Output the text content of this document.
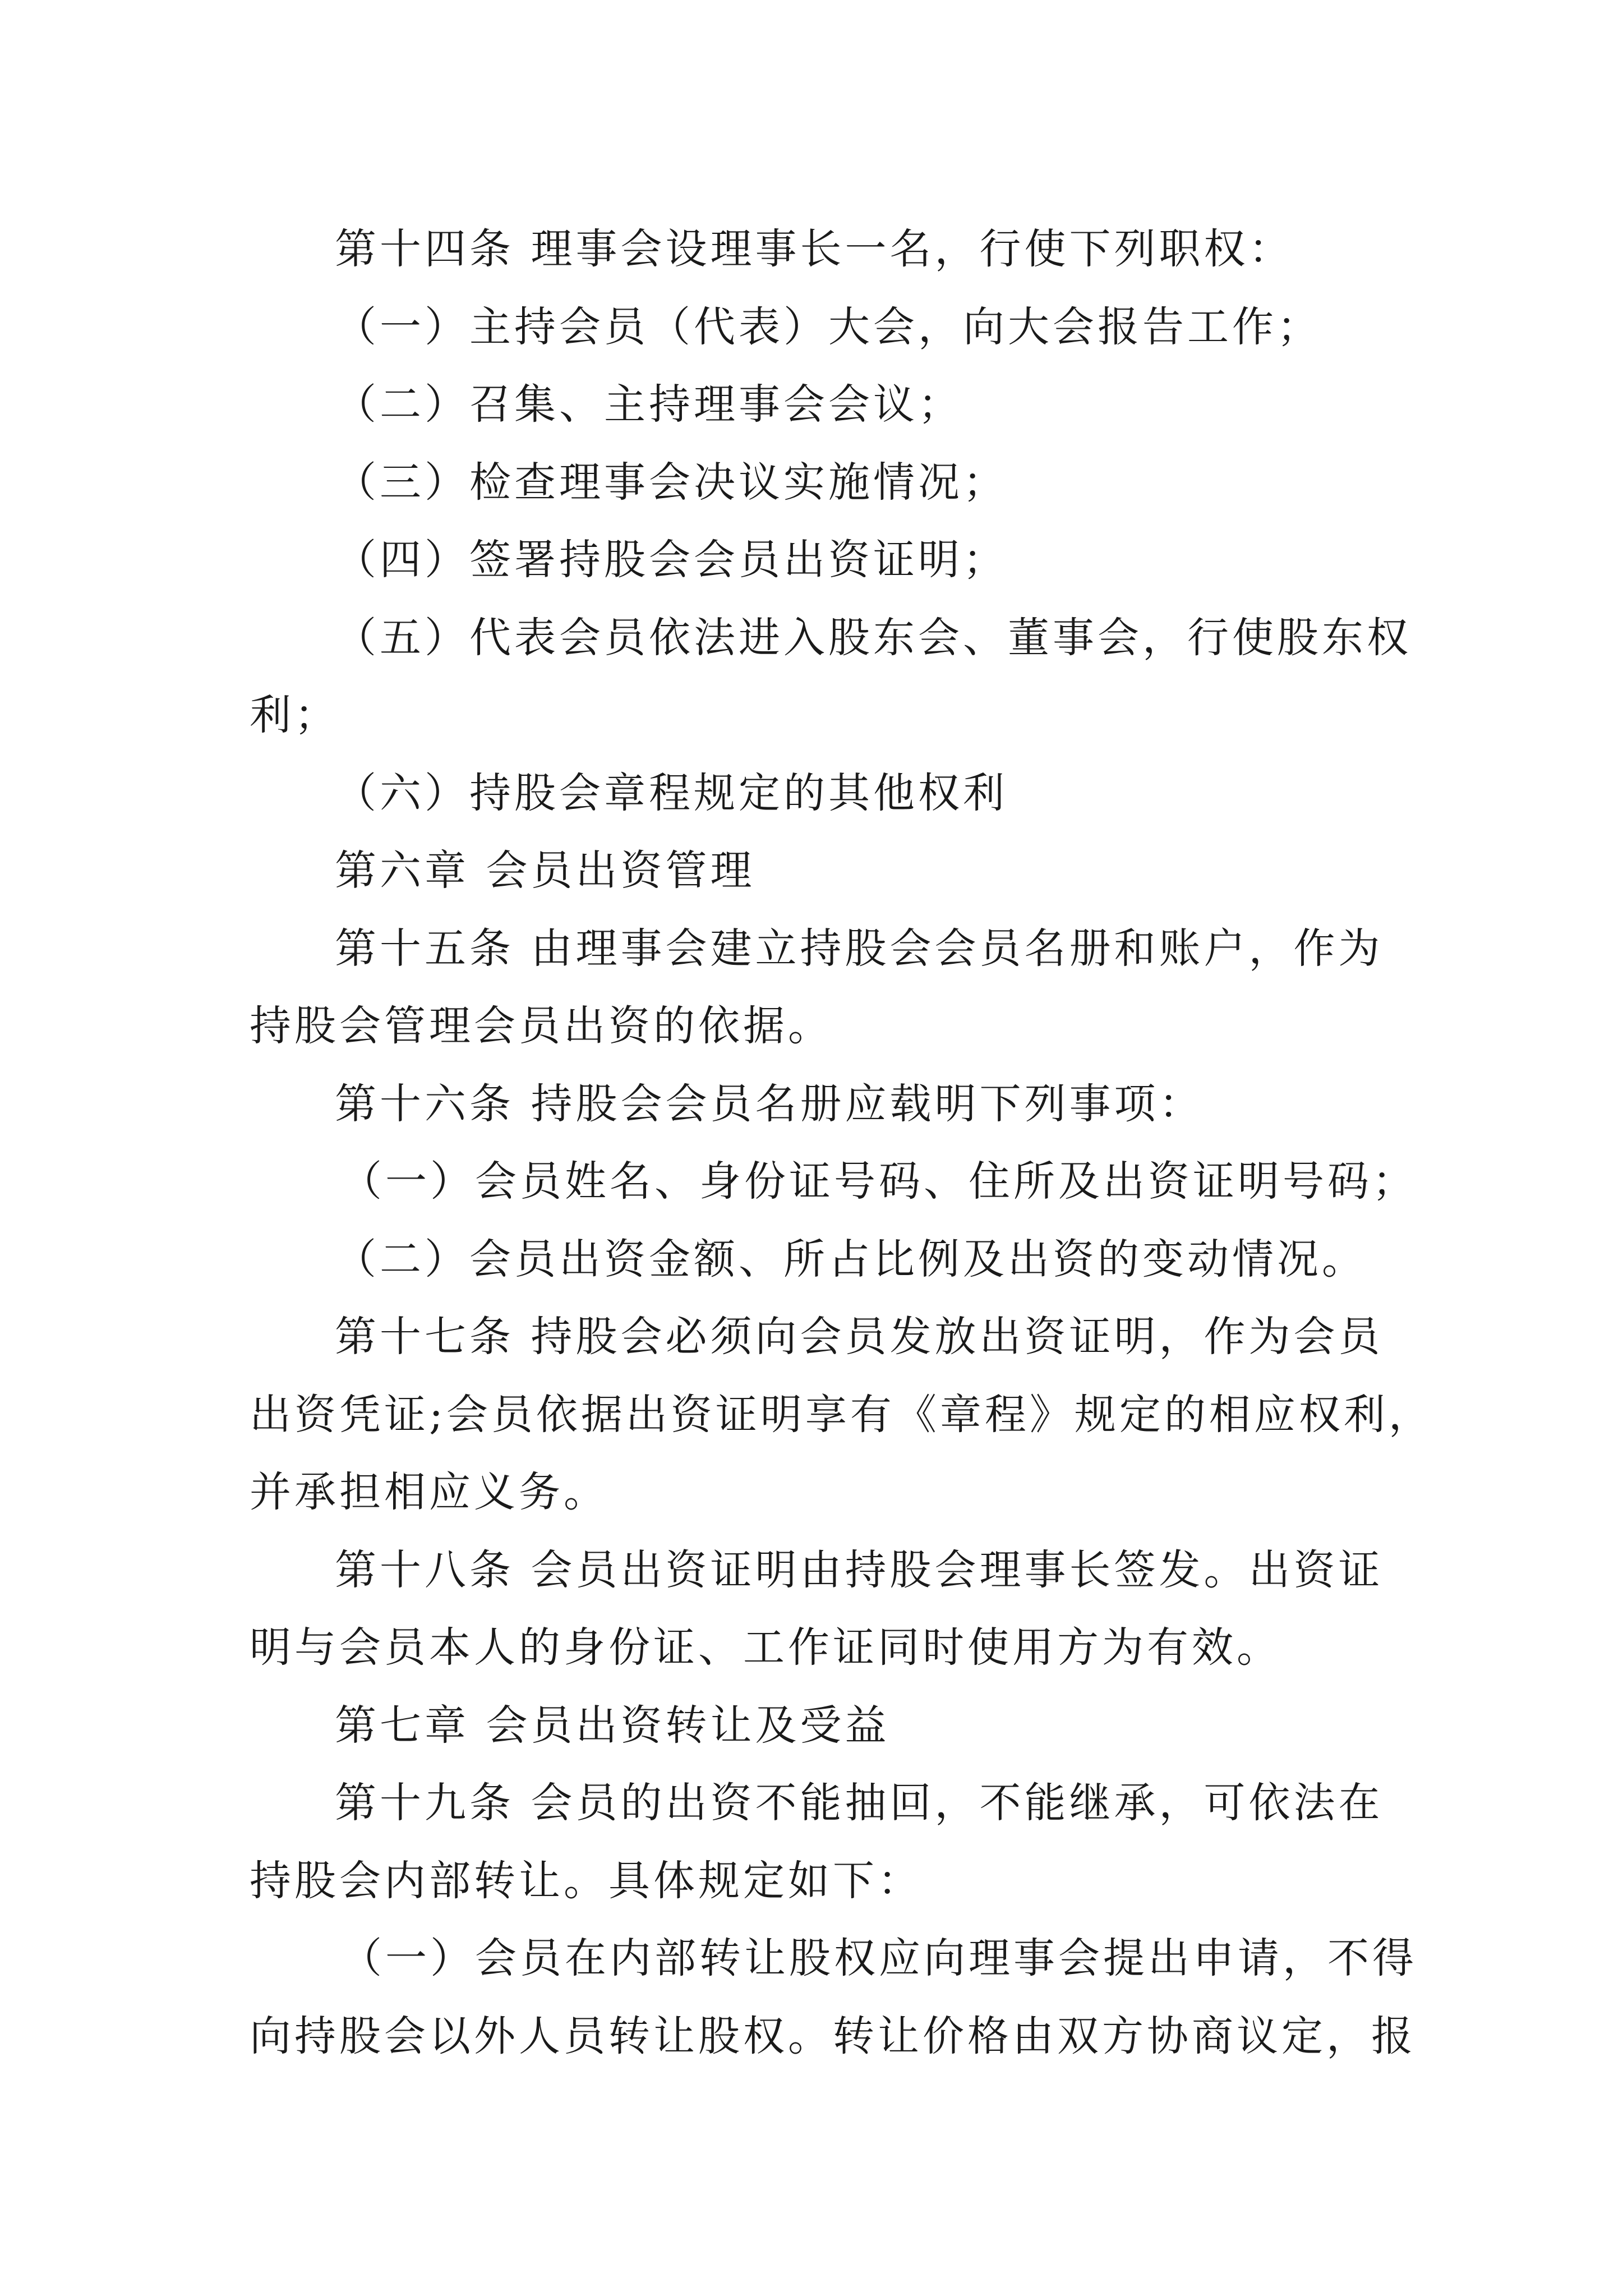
第十四条 理事会设理事长一名，行使下列职权：
（一）主持会员（代表）大会，向大会报告工作；
（二）召集、主持理事会会议；
（三）检查理事会决议实施情况；
（四）签署持股会会员出资证明；
（五）代表会员依法进入股东会、董事会，行使股东权
利；
（六）持股会章程规定的其他权利
第六章 会员出资管理
第十五条 由理事会建立持股会会员名册和账户，作为
持股会管理会员出资的依据。
第十六条 持股会会员名册应载明下列事项：
（一）会员姓名、身份证号码、住所及出资证明号码；
（二）会员出资金额、所占比例及出资的变动情况。
第十七条 持股会必须向会员发放出资证明，作为会员
出资凭证;会员依据出资证明享有《章程》规定的相应权利，
并承担相应义务。
第十八条 会员出资证明由持股会理事长签发。出资证
明与会员本人的身份证、工作证同时使用方为有效。
第七章 会员出资转让及受益
第十九条 会员的出资不能抽回，不能继承，可依法在
持股会内部转让。具体规定如下：
（一）会员在内部转让股权应向理事会提出申请，不得
向持股会以外人员转让股权。转让价格由双方协商议定，报
